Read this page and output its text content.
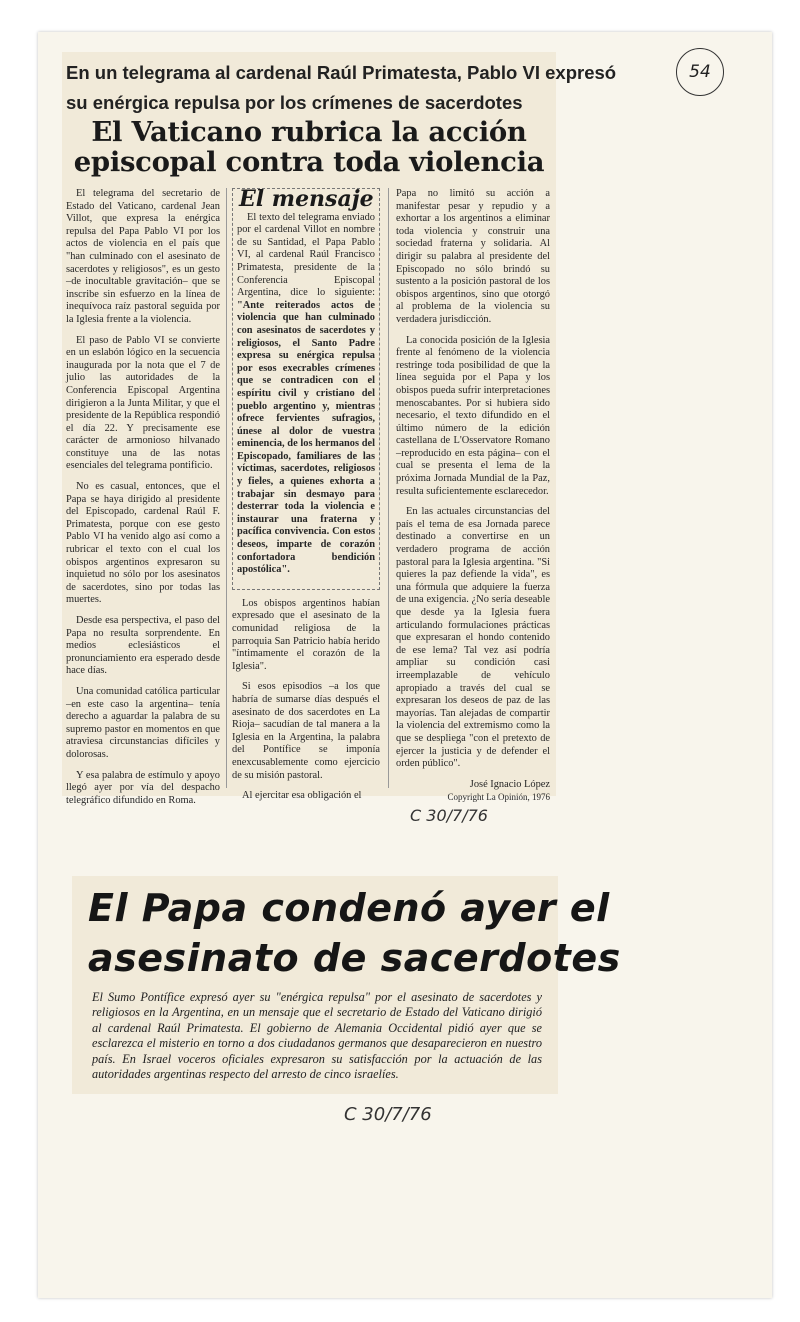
54
En un telegrama al cardenal Raúl Primatesta, Pablo VI expresó
su enérgica repulsa por los crímenes de sacerdotes
El Vaticano rubrica la acción
episcopal contra toda violencia

El telegrama del secretario de Estado del Vaticano, cardenal Jean Villot, que expresa la enérgica repulsa del Papa Pablo VI por los actos de violencia en el país que "han culminado con el asesinato de sacerdotes y religiosos", es un gesto –de inocultable gravitación– que se inscribe sin esfuerzo en la línea de inequívoca raíz pastoral seguida por la Iglesia frente a la violencia.

El paso de Pablo VI se convierte en un eslabón lógico en la secuencia inaugurada por la nota que el 7 de julio las autoridades de la Conferencia Episcopal Argentina dirigieron a la Junta Militar, y que el presidente de la República respondió el día 22. Y precisamente ese carácter de armonioso hilvanado constituye una de las notas esenciales del telegrama pontificio.

No es casual, entonces, que el Papa se haya dirigido al presidente del Episcopado, cardenal Raúl F. Primatesta, porque con ese gesto Pablo VI ha venido algo así como a rubricar el texto con el cual los obispos argentinos expresaron su inquietud no sólo por los asesinatos de sacerdotes, sino por todas las muertes.

Desde esa perspectiva, el paso del Papa no resulta sorprendente. En medios eclesiásticos el pronunciamiento era esperado desde hace días.

Una comunidad católica particular –en este caso la argentina– tenía derecho a aguardar la palabra de su supremo pastor en momentos en que atraviesa circunstancias difíciles y dolorosas.

Y esa palabra de estímulo y apoyo llegó ayer por vía del despacho telegráfico difundido en Roma.

El mensaje

El texto del telegrama enviado por el cardenal Villot en nombre de su Santidad, el Papa Pablo VI, al cardenal Raúl Francisco Primatesta, presidente de la Conferencia Episcopal Argentina, dice lo siguiente: "Ante reiterados actos de violencia que han culminado con asesinatos de sacerdotes y religiosos, el Santo Padre expresa su enérgica repulsa por esos execrables crímenes que se contradicen con el espíritu civil y cristiano del pueblo argentino y, mientras ofrece fervientes sufragios, únese al dolor de vuestra eminencia, de los hermanos del Episcopado, familiares de las víctimas, sacerdotes, religiosos y fieles, a quienes exhorta a trabajar sin desmayo para desterrar toda la violencia e instaurar una fraterna y pacífica convivencia. Con estos deseos, imparte de corazón confortadora bendición apostólica".

Los obispos argentinos habían expresado que el asesinato de la comunidad religiosa de la parroquia San Patricio había herido "íntimamente el corazón de la Iglesia".

Si esos episodios –a los que habría de sumarse días después el asesinato de dos sacerdotes en La Rioja– sacudían de tal manera a la Iglesia en la Argentina, la palabra del Pontífice se imponía enexcusablemente como ejercicio de su misión pastoral.

Al ejercitar esa obligación el

Papa no limitó su acción a manifestar pesar y repudio y a exhortar a los argentinos a eliminar toda violencia y construir una sociedad fraterna y solidaria. Al dirigir su palabra al presidente del Episcopado no sólo brindó su sustento a la posición pastoral de los obispos argentinos, sino que otorgó al problema de la violencia su verdadera jurisdicción.

La conocida posición de la Iglesia frente al fenómeno de la violencia restringe toda posibilidad de que la línea seguida por el Papa y los obispos pueda sufrir interpretaciones menoscabantes. Por si hubiera sido necesario, el texto difundido en el último número de la edición castellana de L'Osservatore Romano –reproducido en esta página– con el cual se presenta el lema de la próxima Jornada Mundial de la Paz, resulta suficientemente esclarecedor.

En las actuales circunstancias del país el tema de esa Jornada parece destinado a convertirse en un verdadero programa de acción pastoral para la Iglesia argentina. "Si quieres la paz defiende la vida", es una fórmula que adquiere la fuerza de una exigencia. ¿No sería deseable que desde ya la Iglesia fuera articulando formulaciones prácticas que expresaran el hondo contenido de ese lema? Tal vez así podría ampliar su condición casi irreemplazable de vehículo apropiado a través del cual se expresaran los deseos de paz de las mayorías. Tan alejadas de compartir la violencia del extremismo como la que se despliega "con el pretexto de ejercer la justicia y de defender el orden público".

José Ignacio López
Copyright La Opinión, 1976
C 30/7/76
El Papa condenó ayer el
asesinato de sacerdotes
El Sumo Pontífice expresó ayer su "enérgica repulsa" por el asesinato de sacerdotes y religiosos en la Argentina, en un mensaje que el secretario de Estado del Vaticano dirigió al cardenal Raúl Primatesta. El gobierno de Alemania Occidental pidió ayer que se esclarezca el misterio en torno a dos ciudadanos germanos que desaparecieron en nuestro país. En Israel voceros oficiales expresaron su satisfacción por la actuación de las autoridades argentinas respecto del arresto de cinco israelíes.
C 30/7/76
